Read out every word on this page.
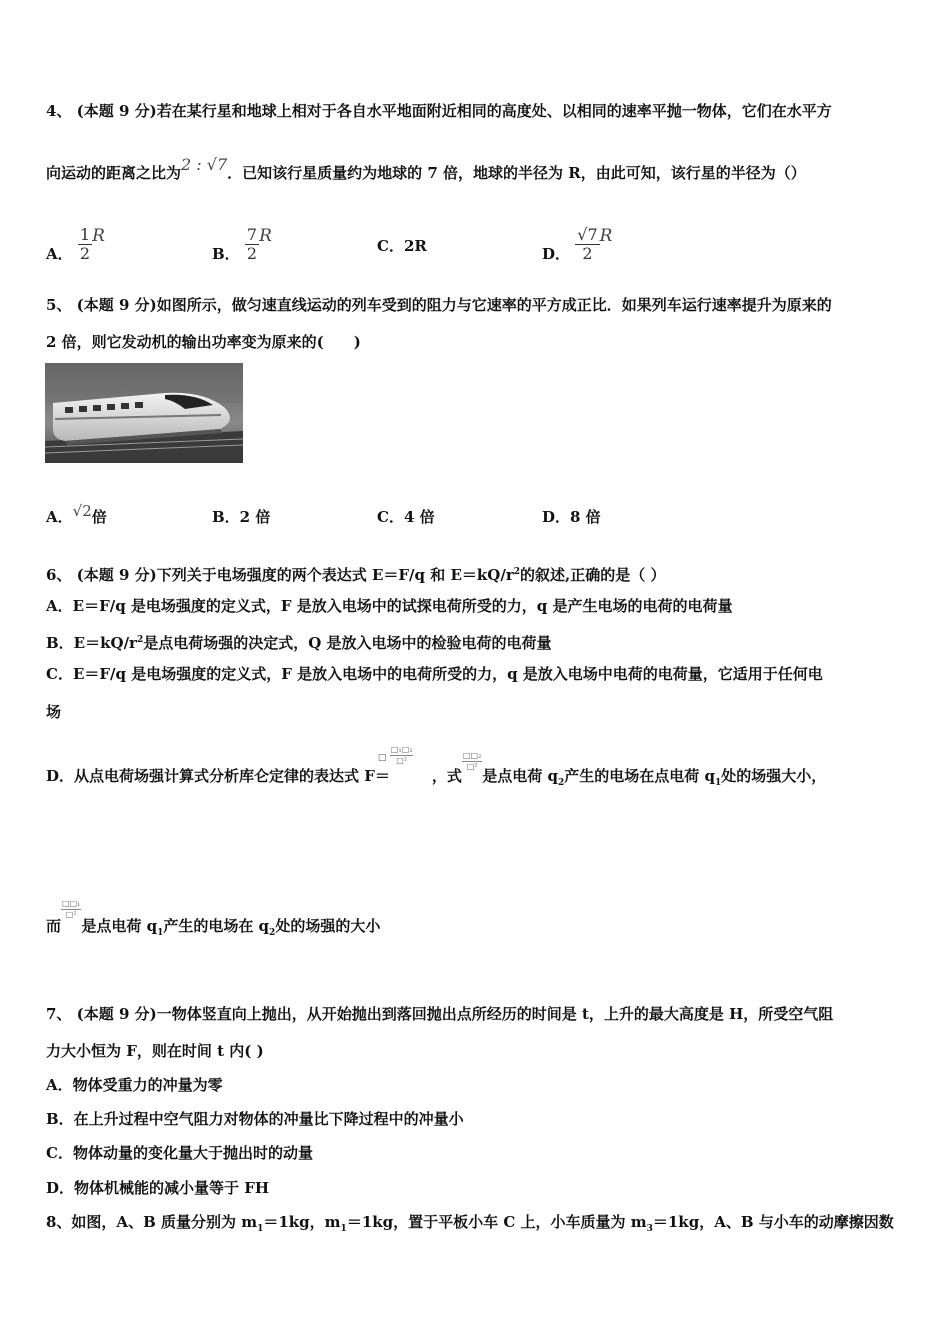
4、 (本题 9 分)若在某行星和地球上相对于各自水平地面附近相同的高度处、以相同的速率平抛一物体，它们在水平方
向运动的距离之比为2 : √7．已知该行星质量约为地球的 7 倍，地球的半径为 R，由此可知，该行星的半径为（）
A． $\frac{1}{2}$ R
B． $\frac{7}{2}$ R
C．2R	D． $\frac{√7}{2}$ R
5、 (本题 9 分)如图所示，做匀速直线运动的列车受到的阻力与它速率的平方成正比．如果列车运行速率提升为原来的
2 倍，则它发动机的输出功率变为原来的(　　)
A．√2倍	B．2 倍	C．4 倍	D．8 倍
6、 (本题 9 分)下列关于电场强度的两个表达式 E＝F/q 和 $E=kQ/r^2$的叙述,正确的是（ ）
A．E＝F/q 是电场强度的定义式，F 是放入电场中的试探电荷所受的力，q 是产生电场的电荷的电荷量
B．$E=kQ/r^2$是点电荷场强的决定式，Q 是放入电场中的检验电荷的电荷量
C．E＝F/q 是电场强度的定义式，F 是放入电场中的电荷所受的力，q 是放入电场中电荷的电荷量，它适用于任何电
场
D．从点电荷场强计算式分析库仑定律的表达式 F＝
□ $\frac{\text{□₁□₂}}{\text{□²}}$
，式
$\frac{\text{□□₂}}{\text{□²}}$
是点电荷 $q_2$产生的电场在点电荷 $q_1$处的场强大小，
而
$\frac{\text{□□₁}}{\text{□²}}$
是点电荷 $q_1$产生的电场在 $q_2$处的场强的大小
7、 (本题 9 分)一物体竖直向上抛出，从开始抛出到落回抛出点所经历的时间是 t，上升的最大高度是 H，所受空气阻
力大小恒为 F，则在时间 t 内( )
A．物体受重力的冲量为零
B．在上升过程中空气阻力对物体的冲量比下降过程中的冲量小
C．物体动量的变化量大于抛出时的动量
D．物体机械能的减小量等于 FH
8、如图，A、B 质量分别为 $m_1=1kg$，$m_1=1kg$，置于平板小车 C 上，小车质量为 $m_3=1kg$，A、B 与小车的动摩擦因数
